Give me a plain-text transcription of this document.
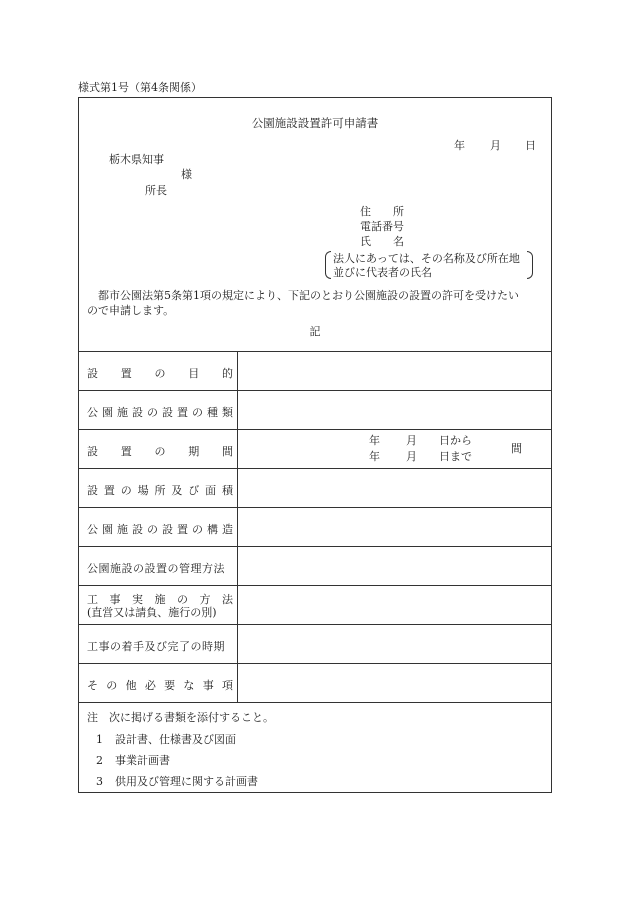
様式第1号（第4条関係）
公園施設設置許可申請書
年 月 日
栃木県知事
様
所長
住　　所
電話番号
氏　　名
法人にあっては、その名称及び所在地
並びに代表者の氏名
　都市公園法第5条第1項の規定により、下記のとおり公園施設の設置の許可を受けたい
ので申請します。
記
設 置 の 目 的
公 園 施 設 の 設 置 の 種 類
設 置 の 期 間
設 置 の 場 所 及 び 面 積
公 園 施 設 の 設 置 の 構 造
公 園 施 設 の 設 置 の 管 理 方 法
工 事 実 施 の 方 法
(直営又は請負、施行の別)
工 事 の 着 手 及 び 完 了 の 時 期
そ の 他 必 要 な 事 項
年 月 日から
年 月 日まで
間
注　次に掲げる書類を添付すること。
1 設計書、仕様書及び図面
2 事業計画書
3 供用及び管理に関する計画書
